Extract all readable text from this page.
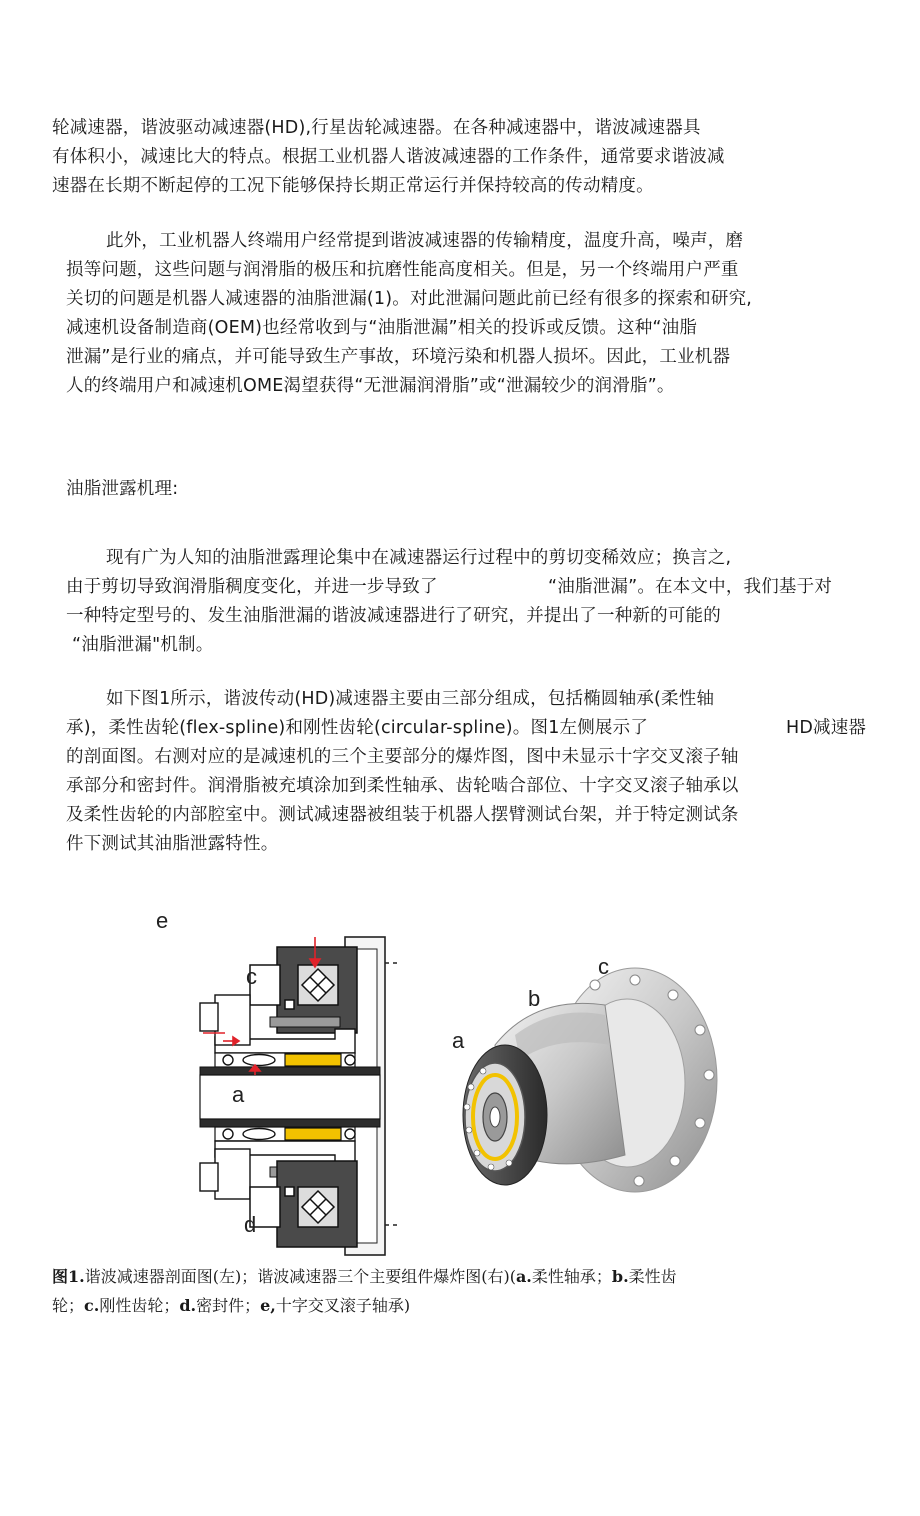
轮减速器，谐波驱动减速器(HD),行星齿轮减速器。在各种减速器中，谐波减速器具
有体积小，减速比大的特点。根据工业机器人谐波减速器的工作条件，通常要求谐波减
速器在长期不断起停的工况下能够保持长期正常运行并保持较高的传动精度。
此外，工业机器人终端用户经常提到谐波减速器的传输精度，温度升高，噪声，磨
损等问题，这些问题与润滑脂的极压和抗磨性能高度相关。但是，另一个终端用户严重
关切的问题是机器人减速器的油脂泄漏(1)。对此泄漏问题此前已经有很多的探索和研究,
减速机设备制造商(OEM)也经常收到与“油脂泄漏”相关的投诉或反馈。这种“油脂
泄漏”是行业的痛点，并可能导致生产事故，环境污染和机器人损坏。因此，工业机器
人的终端用户和减速机OME渴望获得“无泄漏润滑脂”或“泄漏较少的润滑脂”。
油脂泄露机理:
现有广为人知的油脂泄露理论集中在减速器运行过程中的剪切变稀效应；换言之,
由于剪切导致润滑脂稠度变化，并进一步导致了	“油脂泄漏”。在本文中，我们基于对
一种特定型号的、发生油脂泄漏的谐波减速器进行了研究，并提出了一种新的可能的
“油脂泄漏"机制。
如下图1所示，谐波传动(HD)减速器主要由三部分组成，包括椭圆轴承(柔性轴
承)，柔性齿轮(flex-spline)和刚性齿轮(circular-spline)。图1左侧展示了	HD减速器
的剖面图。右测对应的是减速机的三个主要部分的爆炸图，图中未显示十字交叉滚子轴
承部分和密封件。润滑脂被充填涂加到柔性轴承、齿轮啮合部位、十字交叉滚子轴承以
及柔性齿轮的内部腔室中。测试减速器被组装于机器人摆臂测试台架，并于特定测试条
件下测试其油脂泄露特性。
e
c
a
d
a
b
c
图1.谐波减速器剖面图(左)；谐波减速器三个主要组件爆炸图(右)(a.柔性轴承；b.柔性齿
轮；c.刚性齿轮；d.密封件；e,十字交叉滚子轴承)
